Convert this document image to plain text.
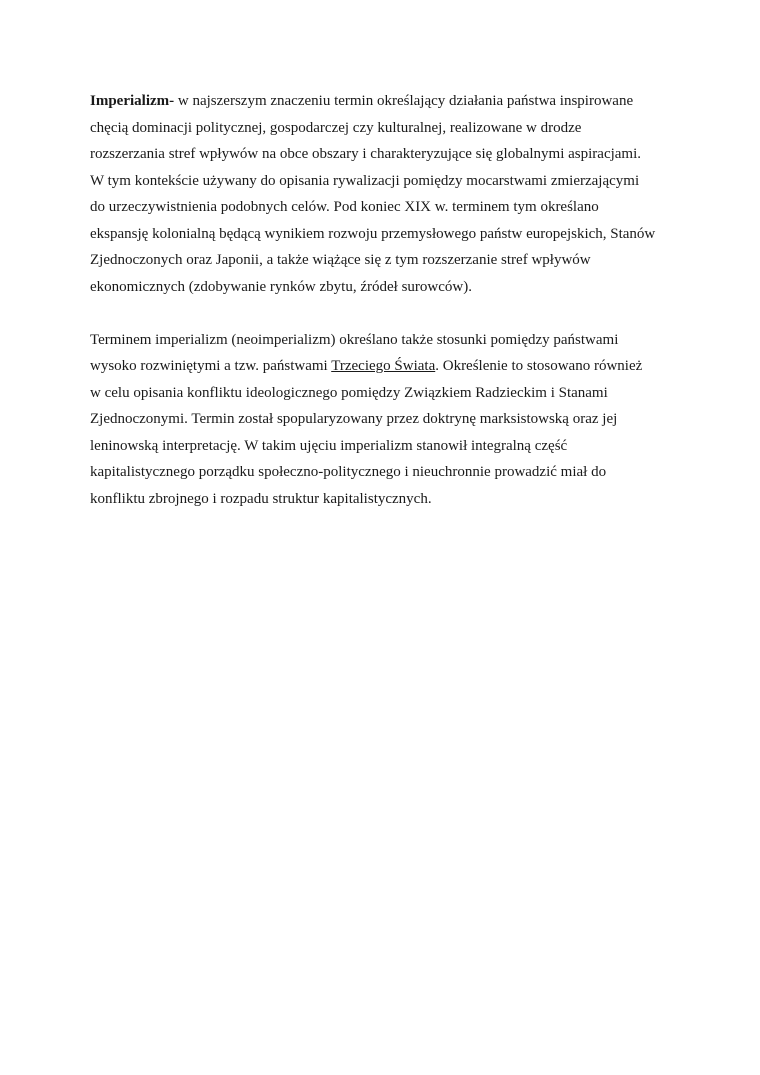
Imperializm- w najszerszym znaczeniu termin określający działania państwa inspirowane
chęcią dominacji politycznej, gospodarczej czy kulturalnej, realizowane w drodze
rozszerzania stref wpływów na obce obszary i charakteryzujące się globalnymi aspiracjami.
W tym kontekście używany do opisania rywalizacji pomiędzy mocarstwami zmierzającymi
do urzeczywistnienia podobnych celów. Pod koniec XIX w. terminem tym określano
ekspansję kolonialną będącą wynikiem rozwoju przemysłowego państw europejskich, Stanów
Zjednoczonych oraz Japonii, a także wiążące się z tym rozszerzanie stref wpływów
ekonomicznych (zdobywanie rynków zbytu, źródeł surowców).
Terminem imperializm (neoimperializm) określano także stosunki pomiędzy państwami
wysoko rozwiniętymi a tzw. państwami Trzeciego Świata. Określenie to stosowano również
w celu opisania konfliktu ideologicznego pomiędzy Związkiem Radzieckim i Stanami
Zjednoczonymi. Termin został spopularyzowany przez doktrynę marksistowską oraz jej
leninowską interpretację. W takim ujęciu imperializm stanowił integralną część
kapitalistycznego porządku społeczno-politycznego i nieuchronnie prowadzić miał do
konfliktu zbrojnego i rozpadu struktur kapitalistycznych.
